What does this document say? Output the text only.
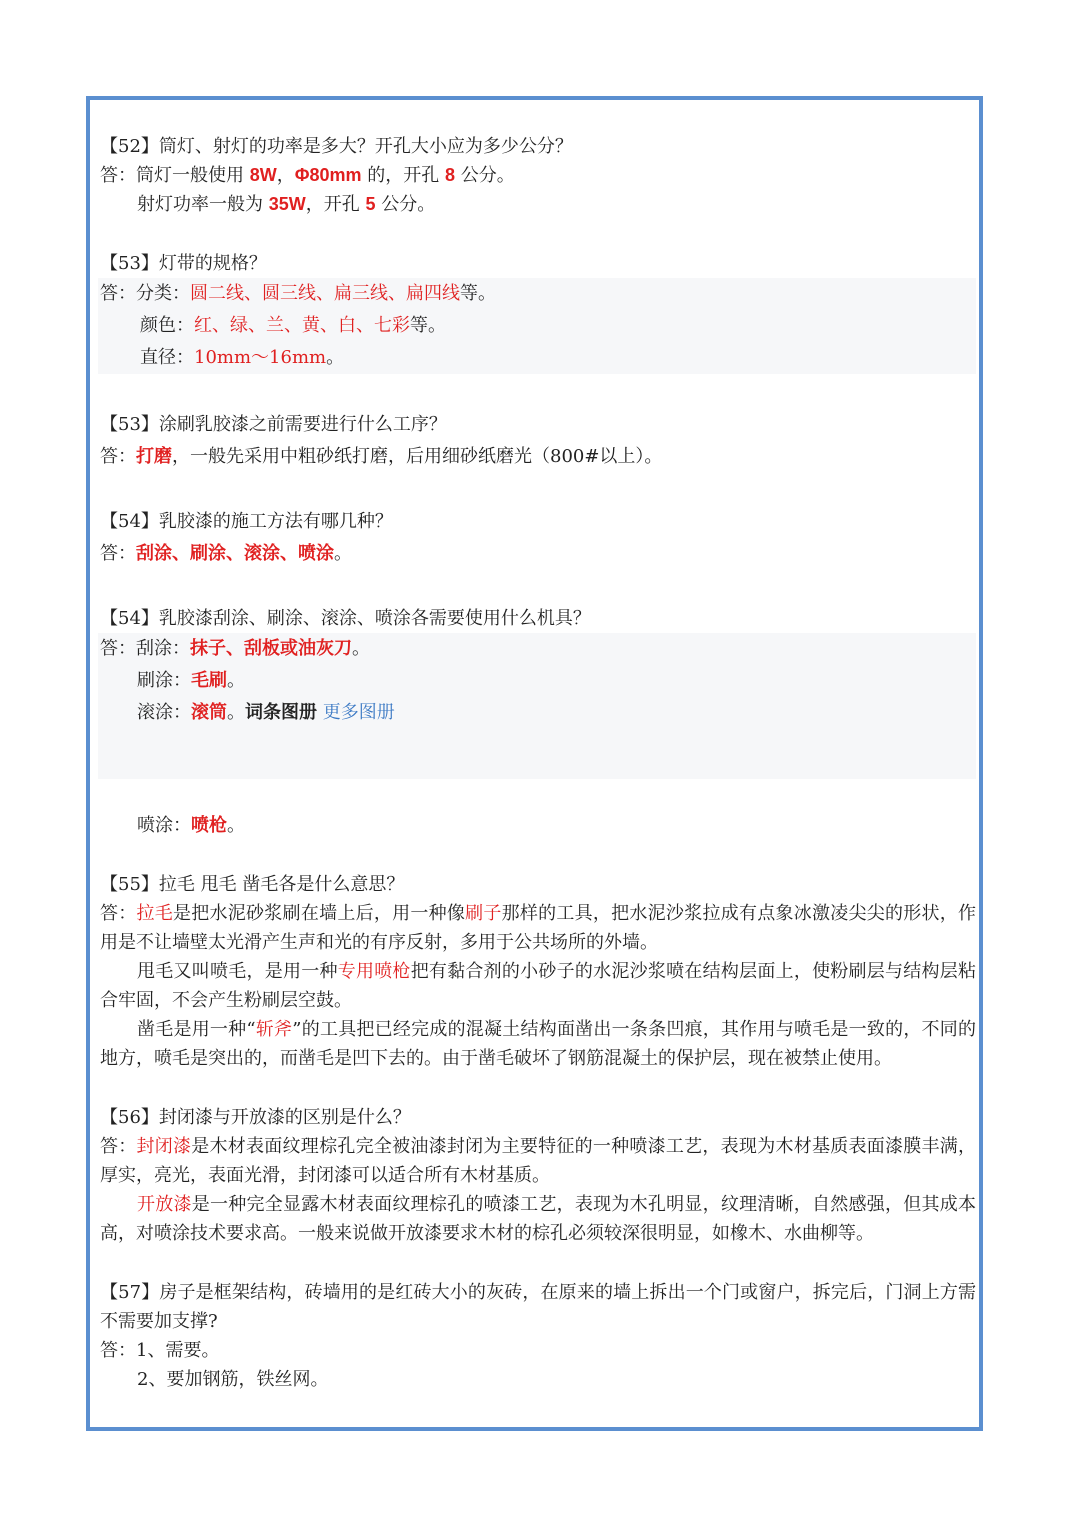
【52】筒灯、射灯的功率是多大？开孔大小应为多少公分？

答：筒灯一般使用 8W，Φ80mm 的，开孔 8 公分。

射灯功率一般为 35W，开孔 5 公分。

【53】灯带的规格？

答：分类：圆二线、圆三线、扁三线、扁四线等。

颜色：红、绿、兰、黄、白、七彩等。

直径：10mm～16mm。

【53】涂刷乳胶漆之前需要进行什么工序？

答：打磨，一般先采用中粗砂纸打磨，后用细砂纸磨光（800#以上）。

【54】乳胶漆的施工方法有哪几种？

答：刮涂、刷涂、滚涂、喷涂。

【54】乳胶漆刮涂、刷涂、滚涂、喷涂各需要使用什么机具？

答：刮涂：抹子、刮板或油灰刀。

刷涂：毛刷。

滚涂：滚筒。词条图册 更多图册

喷涂：喷枪。

【55】拉毛 甩毛 凿毛各是什么意思？

答：拉毛是把水泥砂浆刷在墙上后，用一种像刷子那样的工具，把水泥沙浆拉成有点象冰激凌尖尖的形状，作用是不让墙壁太光滑产生声和光的有序反射，多用于公共场所的外墙。

甩毛又叫喷毛，是用一种专用喷枪把有黏合剂的小砂子的水泥沙浆喷在结构层面上，使粉刷层与结构层粘合牢固，不会产生粉刷层空鼓。

凿毛是用一种“斩斧”的工具把已经完成的混凝土结构面凿出一条条凹痕，其作用与喷毛是一致的，不同的地方，喷毛是突出的，而凿毛是凹下去的。由于凿毛破坏了钢筋混凝土的保护层，现在被禁止使用。

【56】封闭漆与开放漆的区别是什么？

答：封闭漆是木材表面纹理棕孔完全被油漆封闭为主要特征的一种喷漆工艺，表现为木材基质表面漆膜丰满，厚实，亮光，表面光滑，封闭漆可以适合所有木材基质。

开放漆是一种完全显露木材表面纹理棕孔的喷漆工艺，表现为木孔明显，纹理清晰，自然感强，但其成本高，对喷涂技术要求高。一般来说做开放漆要求木材的棕孔必须较深很明显，如橡木、水曲柳等。

【57】房子是框架结构，砖墙用的是红砖大小的灰砖，在原来的墙上拆出一个门或窗户，拆完后，门洞上方需不需要加支撑?

答：1、需要。

2、要加钢筋，铁丝网。
